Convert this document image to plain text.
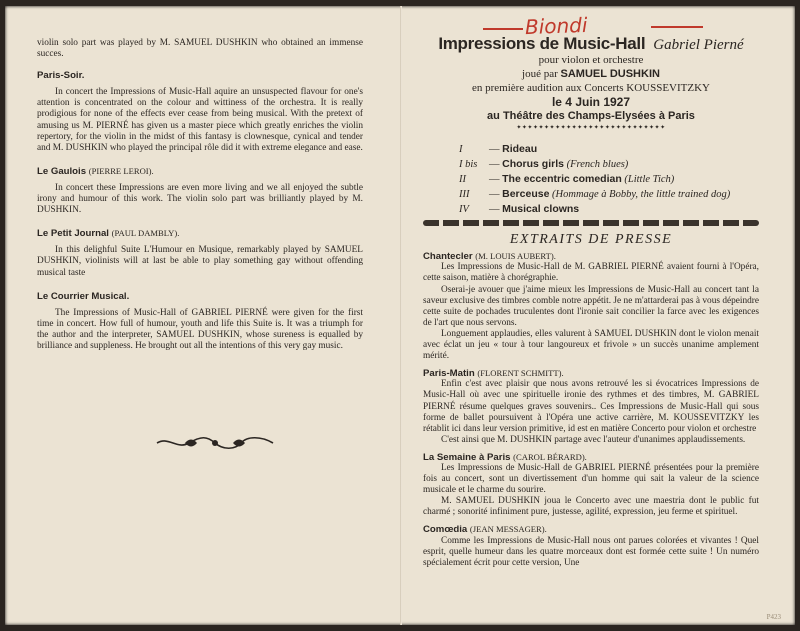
violin solo part was played by M. SAMUEL DUSHKIN who obtained an immense succes.

Paris-Soir.

In concert the Impressions of Music-Hall aquire an unsuspected flavour for one's attention is concentrated on the colour and wittiness of the orchestra. It is really prodigious for none of the effects ever cease from being musical. With the pretext of amusing us M. PIERNÉ has given us a master piece which greatly enriches the violin repertory, for the violin in the midst of this fantasy is clownesque, cynical and tender and M. DUSHKIN who played the principal rôle did it with extreme elegance and ease.

Le Gaulois (PIERRE LEROI).

In concert these Impressions are even more living and we all enjoyed the subtle irony and humour of this work. The violin solo part was brilliantly played by M. DUSHKIN.

Le Petit Journal (PAUL DAMBLY).

In this delighful Suite L'Humour en Musique, remarkably played by SAMUEL DUSHKIN, violinists will at last be able to play something gay without offending musical taste

Le Courrier Musical.

The Impressions of Music-Hall of GABRIEL PIERNÉ were given for the first time in concert. How full of humour, youth and life this Suite is. It was a triumph for the author and the interpreter, SAMUEL DUSHKIN, whose sureness is equalled by brilliance and suppleness. He brought out all the intentions of this very gay music.

Biondi
Impressions de Music-Hall Gabriel Pierné
pour violon et orchestre
joué par SAMUEL DUSHKIN
en première audition aux Concerts KOUSSEVITZKY
le 4 Juin 1927
au Théâtre des Champs-Elysées à Paris
✦✦✦✦✦✦✦✦✦✦✦✦✦✦✦✦✦✦✦✦✦✦✦✦✦✦✦
I	— Rideau
I bis — Chorus girls (French blues)
II — The eccentric comedian (Little Tich)
III — Berceuse (Hommage à Bobby, the little trained dog)
IV — Musical clowns
EXTRAITS DE PRESSE

Chantecler (M. LOUIS AUBERT).

Les Impressions de Music-Hall de M. GABRIEL PIERNÉ avaient fourni à l'Opéra, cette saison, matière à chorégraphie.

Oserai-je avouer que j'aime mieux les Impressions de Music-Hall au concert tant la saveur exclusive des timbres comble notre appétit. Je ne m'attarderai pas à vous dépeindre cette suite de pochades truculentes dont l'ironie sait concilier la farce avec les exigences de l'art que nous servons.

Longuement applaudies, elles valurent à SAMUEL DUSHKIN dont le violon menait avec éclat un jeu « tour à tour langoureux et frivole » un succès unanime amplement mérité.

Paris-Matin (FLORENT SCHMITT).

Enfin c'est avec plaisir que nous avons retrouvé les si évocatrices Impressions de Music-Hall où avec une spirituelle ironie des rythmes et des timbres, M. GABRIEL PIERNÉ résume quelques graves souvenirs.. Ces Impressions de Music-Hall qui sous forme de ballet poursuivent à l'Opéra une active carrière, M. KOUSSEVITZKY les rétablit ici dans leur version primitive, id est en matière Concerto pour violon et orchestre

C'est ainsi que M. DUSHKIN partage avec l'auteur d'unanimes applaudissements.

La Semaine à Paris (CAROL BÉRARD).

Les Impressions de Music-Hall de GABRIEL PIERNÉ présentées pour la première fois au concert, sont un divertissement d'un homme qui sait la valeur de la science musicale et le charme du sourire.

M. SAMUEL DUSHKIN joua le Concerto avec une maestria dont le public fut charmé ; sonorité infiniment pure, justesse, agilité, expression, jeu ferme et spirituel.

Comœdia (JEAN MESSAGER).

Comme les Impressions de Music-Hall nous ont parues colorées et vivantes ! Quel esprit, quelle humeur dans les quatre morceaux dont est formée cette suite ! Un numéro spécialement écrit pour cette version, Une

P423
